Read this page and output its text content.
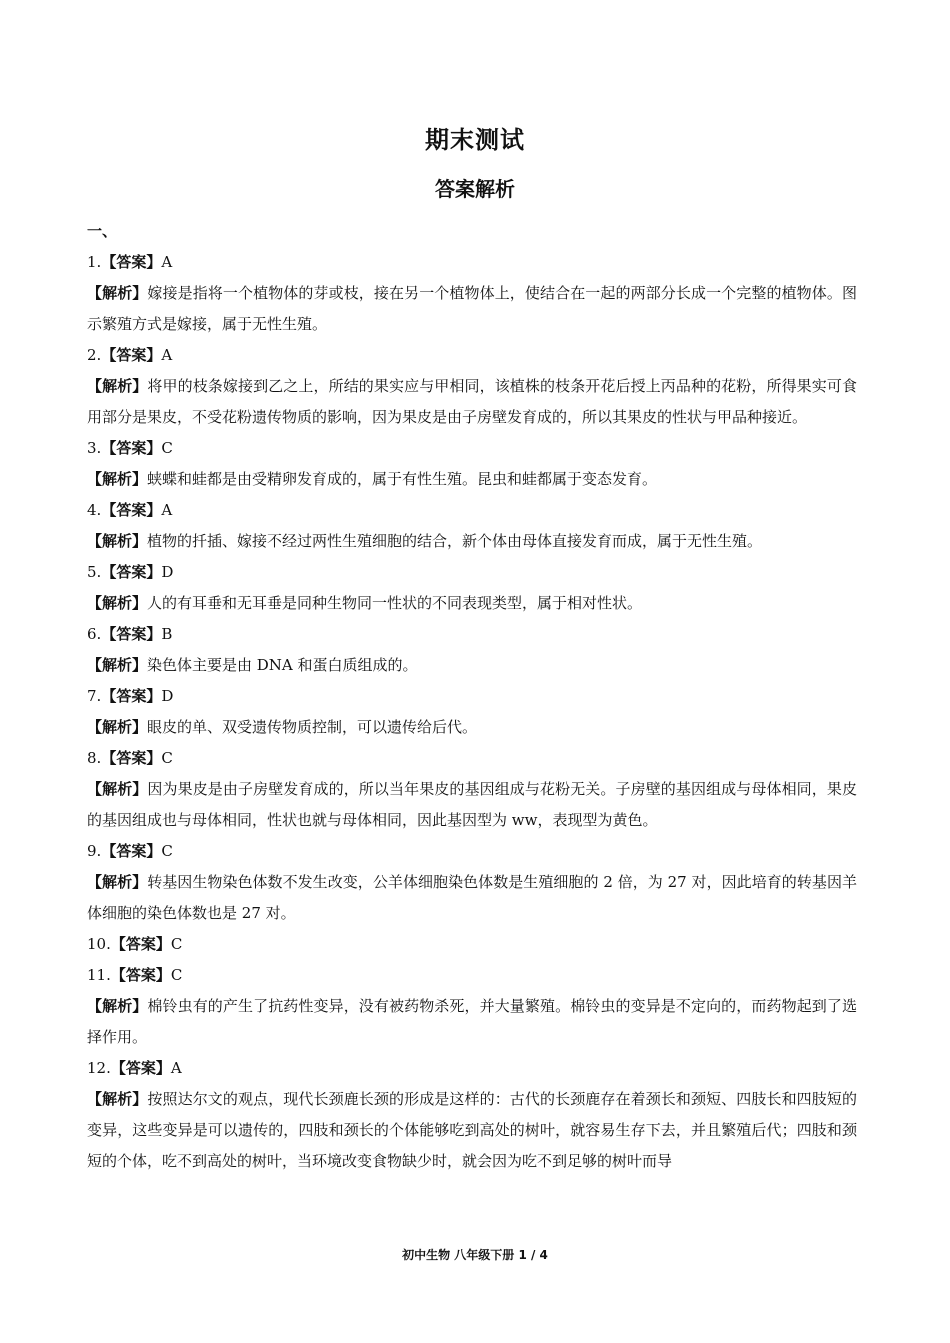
期末测试
答案解析

一、

1.【答案】A

【解析】嫁接是指将一个植物体的芽或枝，接在另一个植物体上，使结合在一起的两部分长成一个完整的植物体。图示繁殖方式是嫁接，属于无性生殖。

2.【答案】A

【解析】将甲的枝条嫁接到乙之上，所结的果实应与甲相同，该植株的枝条开花后授上丙品种的花粉，所得果实可食用部分是果皮，不受花粉遗传物质的影响，因为果皮是由子房壁发育成的，所以其果皮的性状与甲品种接近。

3.【答案】C

【解析】蛱蝶和蛙都是由受精卵发育成的，属于有性生殖。昆虫和蛙都属于变态发育。

4.【答案】A

【解析】植物的扦插、嫁接不经过两性生殖细胞的结合，新个体由母体直接发育而成，属于无性生殖。

5.【答案】D

【解析】人的有耳垂和无耳垂是同种生物同一性状的不同表现类型，属于相对性状。

6.【答案】B

【解析】染色体主要是由 DNA 和蛋白质组成的。

7.【答案】D

【解析】眼皮的单、双受遗传物质控制，可以遗传给后代。

8.【答案】C

【解析】因为果皮是由子房壁发育成的，所以当年果皮的基因组成与花粉无关。子房壁的基因组成与母体相同，果皮的基因组成也与母体相同，性状也就与母体相同，因此基因型为 ww，表现型为黄色。

9.【答案】C

【解析】转基因生物染色体数不发生改变，公羊体细胞染色体数是生殖细胞的 2 倍，为 27 对，因此培育的转基因羊体细胞的染色体数也是 27 对。

10.【答案】C

11.【答案】C

【解析】棉铃虫有的产生了抗药性变异，没有被药物杀死，并大量繁殖。棉铃虫的变异是不定向的，而药物起到了选择作用。

12.【答案】A

【解析】按照达尔文的观点，现代长颈鹿长颈的形成是这样的：古代的长颈鹿存在着颈长和颈短、四肢长和四肢短的变异，这些变异是可以遗传的，四肢和颈长的个体能够吃到高处的树叶，就容易生存下去，并且繁殖后代；四肢和颈短的个体，吃不到高处的树叶，当环境改变食物缺少时，就会因为吃不到足够的树叶而导

初中生物 八年级下册 1 / 4
